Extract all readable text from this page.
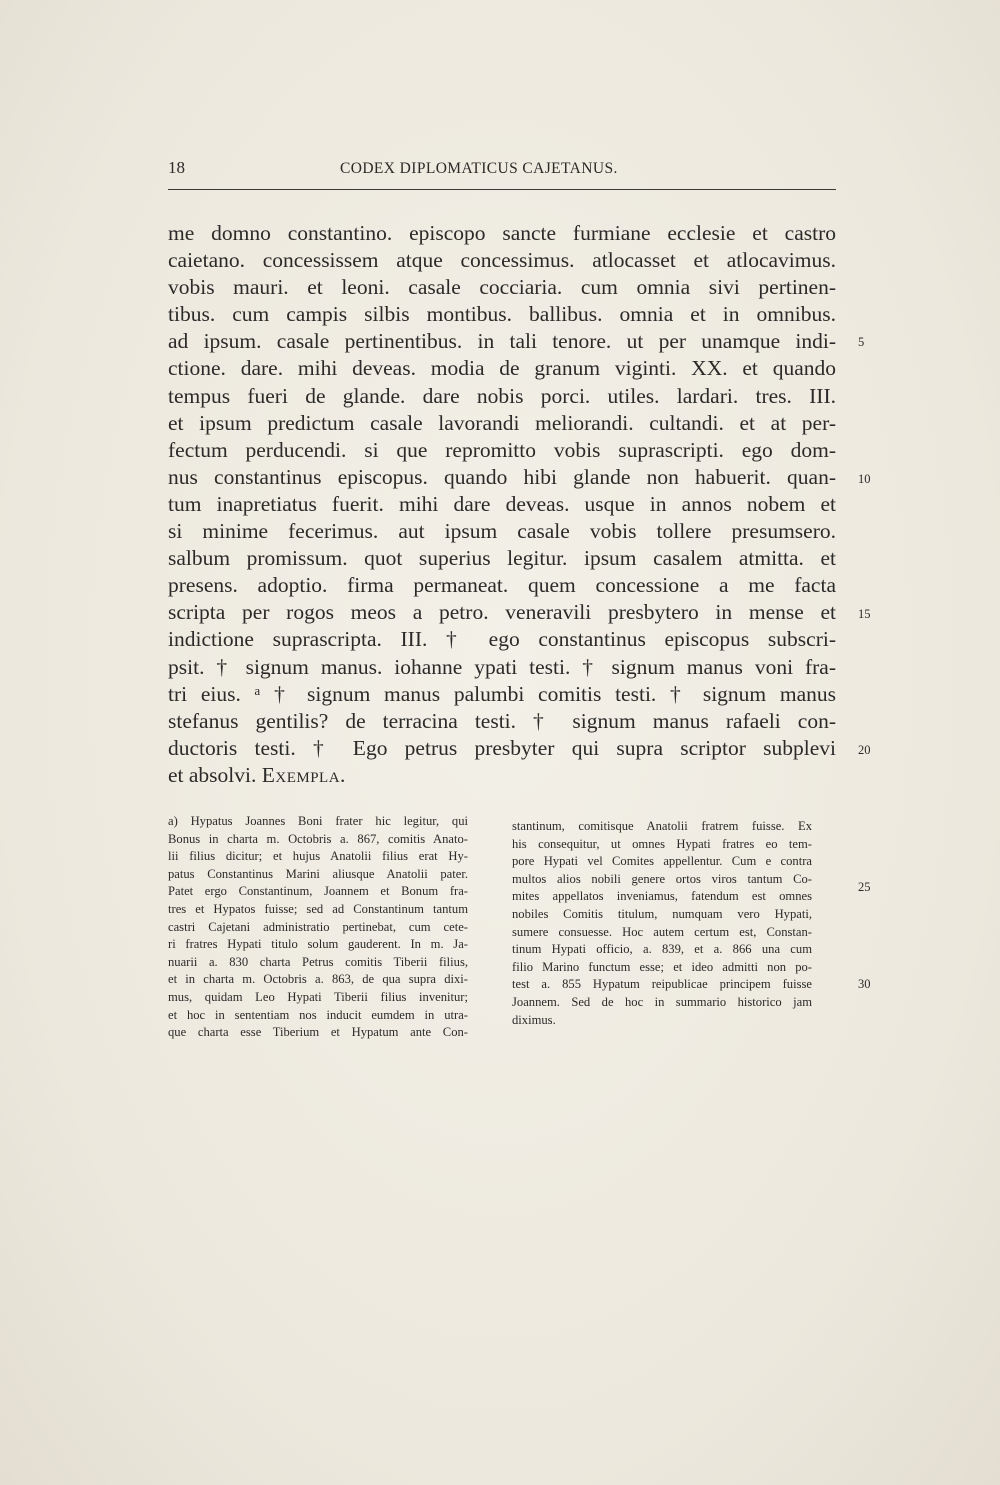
18	CODEX DIPLOMATICUS CAJETANUS.
me domno constantino. episcopo sancte furmiane ecclesie et castro
caietano. concessissem atque concessimus. atlocasset et atlocavimus.
vobis mauri. et leoni. casale cocciaria. cum omnia sivi pertinen-
tibus. cum campis silbis montibus. ballibus. omnia et in omnibus.
ad ipsum. casale pertinentibus. in tali tenore. ut per unamque indi-
ctione. dare. mihi deveas. modia de granum viginti. XX. et quando
tempus fueri de glande. dare nobis porci. utiles. lardari. tres. III.
et ipsum predictum casale lavorandi meliorandi. cultandi. et at per-
fectum perducendi. si que repromitto vobis suprascripti. ego dom-
nus constantinus episcopus. quando hibi glande non habuerit. quan-
tum inapretiatus fuerit. mihi dare deveas. usque in annos nobem et
si minime fecerimus. aut ipsum casale vobis tollere presumsero.
salbum promissum. quot superius legitur. ipsum casalem atmitta. et
presens. adoptio. firma permaneat. quem concessione a me facta
scripta per rogos meos a petro. veneravili presbytero in mense et
indictione suprascripta. III. † ego constantinus episcopus subscri-
psit. † signum manus. iohanne ypati testi. † signum manus voni fra-
tri eius. ᵃ † signum manus palumbi comitis testi. † signum manus
stefanus gentilis? de terracina testi. † signum manus rafaeli con-
ductoris testi. † Ego petrus presbyter qui supra scriptor subplevi
et absolvi. Exempla.
5
10
15
20
25
30
a) Hypatus Joannes Boni frater hic legitur, qui
Bonus in charta m. Octobris a. 867, comitis Anato-
lii filius dicitur; et hujus Anatolii filius erat Hy-
patus Constantinus Marini aliusque Anatolii pater.
Patet ergo Constantinum, Joannem et Bonum fra-
tres et Hypatos fuisse; sed ad Constantinum tantum
castri Cajetani administratio pertinebat, cum cete-
ri fratres Hypati titulo solum gauderent. In m. Ja-
nuarii a. 830 charta Petrus comitis Tiberii filius,
et in charta m. Octobris a. 863, de qua supra dixi-
mus, quidam Leo Hypati Tiberii filius invenitur;
et hoc in sententiam nos inducit eumdem in utra-
que charta esse Tiberium et Hypatum ante Con-
stantinum, comitisque Anatolii fratrem fuisse. Ex
his consequitur, ut omnes Hypati fratres eo tem-
pore Hypati vel Comites appellentur. Cum e contra
multos alios nobili genere ortos viros tantum Co-
mites appellatos inveniamus, fatendum est omnes
nobiles Comitis titulum, numquam vero Hypati,
sumere consuesse. Hoc autem certum est, Constan-
tinum Hypati officio, a. 839, et a. 866 una cum
filio Marino functum esse; et ideo admitti non po-
test a. 855 Hypatum reipublicae principem fuisse
Joannem. Sed de hoc in summario historico jam
diximus.
